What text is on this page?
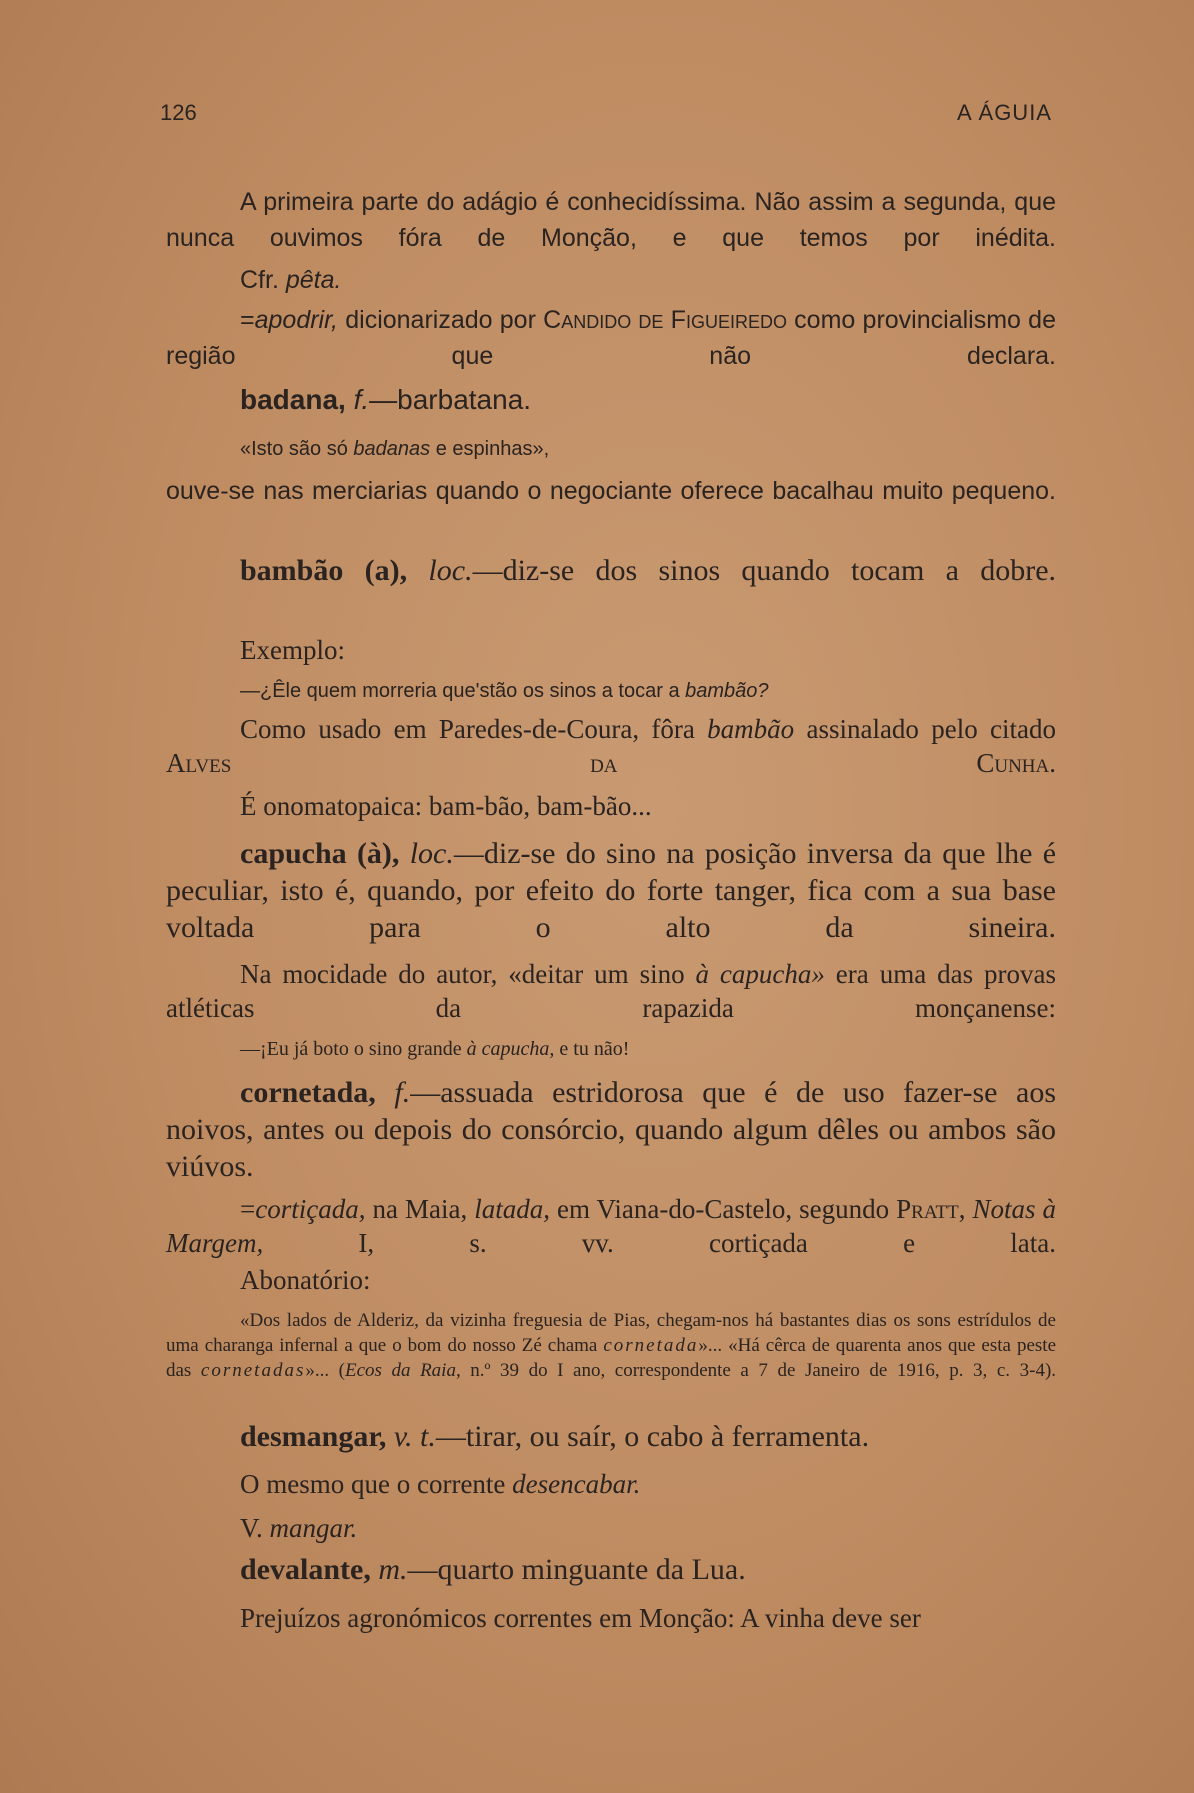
126	A ÁGUIA

A primeira parte do adágio é conhecidíssima. Não assim a segunda, que nunca ouvimos fóra de Monção, e que temos por inédita.

Cfr. pêta.

=apodrir, dicionarizado por Candido de Figueiredo como provincialismo de região que não declara.

badana, f.—barbatana.

«Isto são só badanas e espinhas»,

ouve-se nas merciarias quando o negociante oferece bacalhau muito pequeno.

bambão (a), loc.—diz-se dos sinos quando tocam a dobre.

Exemplo:

—¿Êle quem morreria que'stão os sinos a tocar a bambão?

Como usado em Paredes-de-Coura, fôra bambão assinalado pelo citado Alves da Cunha.

É onomatopaica: bam-bão, bam-bão...

capucha (à), loc.—diz-se do sino na posição inversa da que lhe é peculiar, isto é, quando, por efeito do forte tanger, fica com a sua base voltada para o alto da sineira.

Na mocidade do autor, «deitar um sino à capucha» era uma das provas atléticas da rapazida monçanense:

—¡Eu já boto o sino grande à capucha, e tu não!

cornetada, f.—assuada estridorosa que é de uso fazer-se aos noivos, antes ou depois do consórcio, quando algum dêles ou ambos são viúvos.

=cortiçada, na Maia, latada, em Viana-do-Castelo, segundo Pratt, Notas à Margem, I, s. vv. cortiçada e lata.

Abonatório:

«Dos lados de Alderiz, da vizinha freguesia de Pias, chegam-nos há bastantes dias os sons estrídulos de uma charanga infernal a que o bom do nosso Zé chama cornetada»... «Há cêrca de quarenta anos que esta peste das cornetadas»... (Ecos da Raia, n.º 39 do I ano, correspondente a 7 de Janeiro de 1916, p. 3, c. 3-4).

desmangar, v. t.—tirar, ou saír, o cabo à ferramenta.

O mesmo que o corrente desencabar.

V. mangar.

devalante, m.—quarto minguante da Lua.

Prejuízos agronómicos correntes em Monção: A vinha deve ser
